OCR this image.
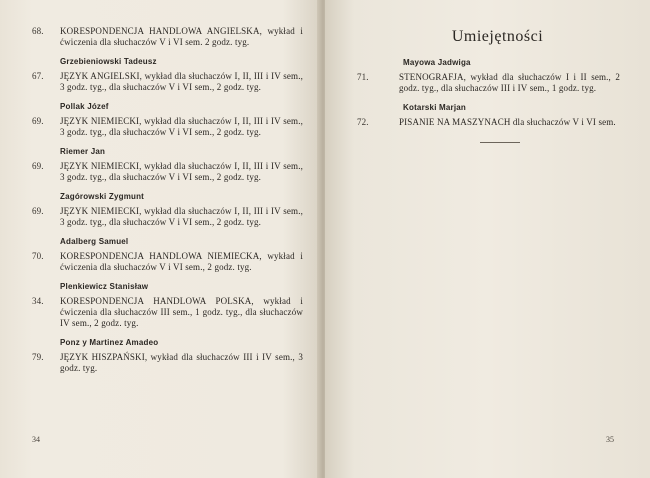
68.	KORESPONDENCJA HANDLOWA ANGIELSKA, wykład i ćwiczenia dla słuchaczów V i VI sem. 2 godz. tyg.
Grzebieniowski Tadeusz
67.	JĘZYK ANGIELSKI, wykład dla słuchaczów I, II, III i IV sem., 3 godz. tyg., dla słuchaczów V i VI sem., 2 godz. tyg.
Pollak Józef
69.	JĘZYK NIEMIECKI, wykład dla słuchaczów I, II, III i IV sem., 3 godz. tyg., dla słuchaczów V i VI sem., 2 godz. tyg.
Riemer Jan
69.	JĘZYK NIEMIECKI, wykład dla słuchaczów I, II, III i IV sem., 3 godz. tyg., dla słuchaczów V i VI sem., 2 godz. tyg.
Zagórowski Zygmunt
69.	JĘZYK NIEMIECKI, wykład dla słuchaczów I, II, III i IV sem., 3 godz. tyg., dla słuchaczów V i VI sem., 2 godz. tyg.
Adalberg Samuel
70.	KORESPONDENCJA HANDLOWA NIEMIECKA, wykład i ćwiczenia dla słuchaczów V i VI sem., 2 godz. tyg.
Plenkiewicz Stanisław
34.	KORESPONDENCJA HANDLOWA POLSKA, wykład i ćwiczenia dla słuchaczów III sem., 1 godz. tyg., dla słuchaczów IV sem., 2 godz. tyg.
Ponz y Martinez Amadeo
79.	JĘZYK HISZPAŃSKI, wykład dla słuchaczów III i IV sem., 3 godz. tyg.
34
Umiejętności
Mayowa Jadwiga
71.	STENOGRAFJA, wykład dla słuchaczów I i II sem., 2 godz. tyg., dla słuchaczów III i IV sem., 1 godz. tyg.
Kotarski Marjan
72.	PISANIE NA MASZYNACH dla słuchaczów V i VI sem.
35
